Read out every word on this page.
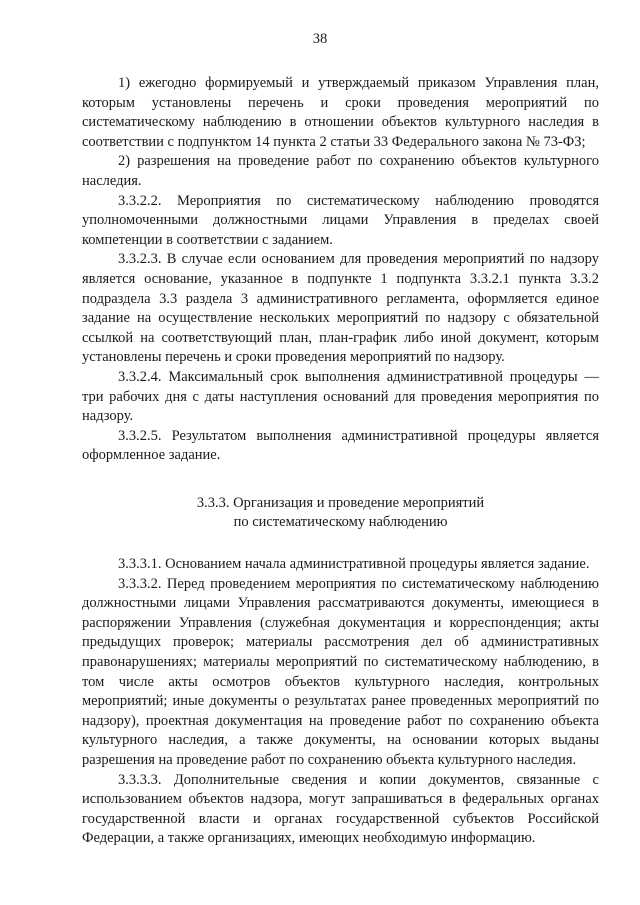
38

1) ежегодно формируемый и утверждаемый приказом Управления план, которым установлены перечень и сроки проведения мероприятий по систематическому наблюдению в отношении объектов культурного наследия в соответствии с подпунктом 14 пункта 2 статьи 33 Федерального закона № 73-ФЗ;

2) разрешения на проведение работ по сохранению объектов культурного наследия.

3.3.2.2. Мероприятия по систематическому наблюдению проводятся уполномоченными должностными лицами Управления в пределах своей компетенции в соответствии с заданием.

3.3.2.3. В случае если основанием для проведения мероприятий по надзору является основание, указанное в подпункте 1 подпункта 3.3.2.1 пункта 3.3.2 подраздела 3.3 раздела 3 административного регламента, оформляется единое задание на осуществление нескольких мероприятий по надзору с обязательной ссылкой на соответствующий план, план-график либо иной документ, которым установлены перечень и сроки проведения мероприятий по надзору.

3.3.2.4. Максимальный срок выполнения административной процедуры — три рабочих дня с даты наступления оснований для проведения мероприятия по надзору.

3.3.2.5. Результатом выполнения административной процедуры является оформленное задание.

3.3.3. Организация и проведение мероприятий
по систематическому наблюдению

3.3.3.1. Основанием начала административной процедуры является задание.

3.3.3.2. Перед проведением мероприятия по систематическому наблюдению должностными лицами Управления рассматриваются документы, имеющиеся в распоряжении Управления (служебная документация и корреспонденция; акты предыдущих проверок; материалы рассмотрения дел об административных правонарушениях; материалы мероприятий по систематическому наблюдению, в том числе акты осмотров объектов культурного наследия, контрольных мероприятий; иные документы о результатах ранее проведенных мероприятий по надзору), проектная документация на проведение работ по сохранению объекта культурного наследия, а также документы, на основании которых выданы разрешения на проведение работ по сохранению объекта культурного наследия.

3.3.3.3. Дополнительные сведения и копии документов, связанные с использованием объектов надзора, могут запрашиваться в федеральных органах государственной власти и органах государственной субъектов Российской Федерации, а также организациях, имеющих необходимую информацию.
